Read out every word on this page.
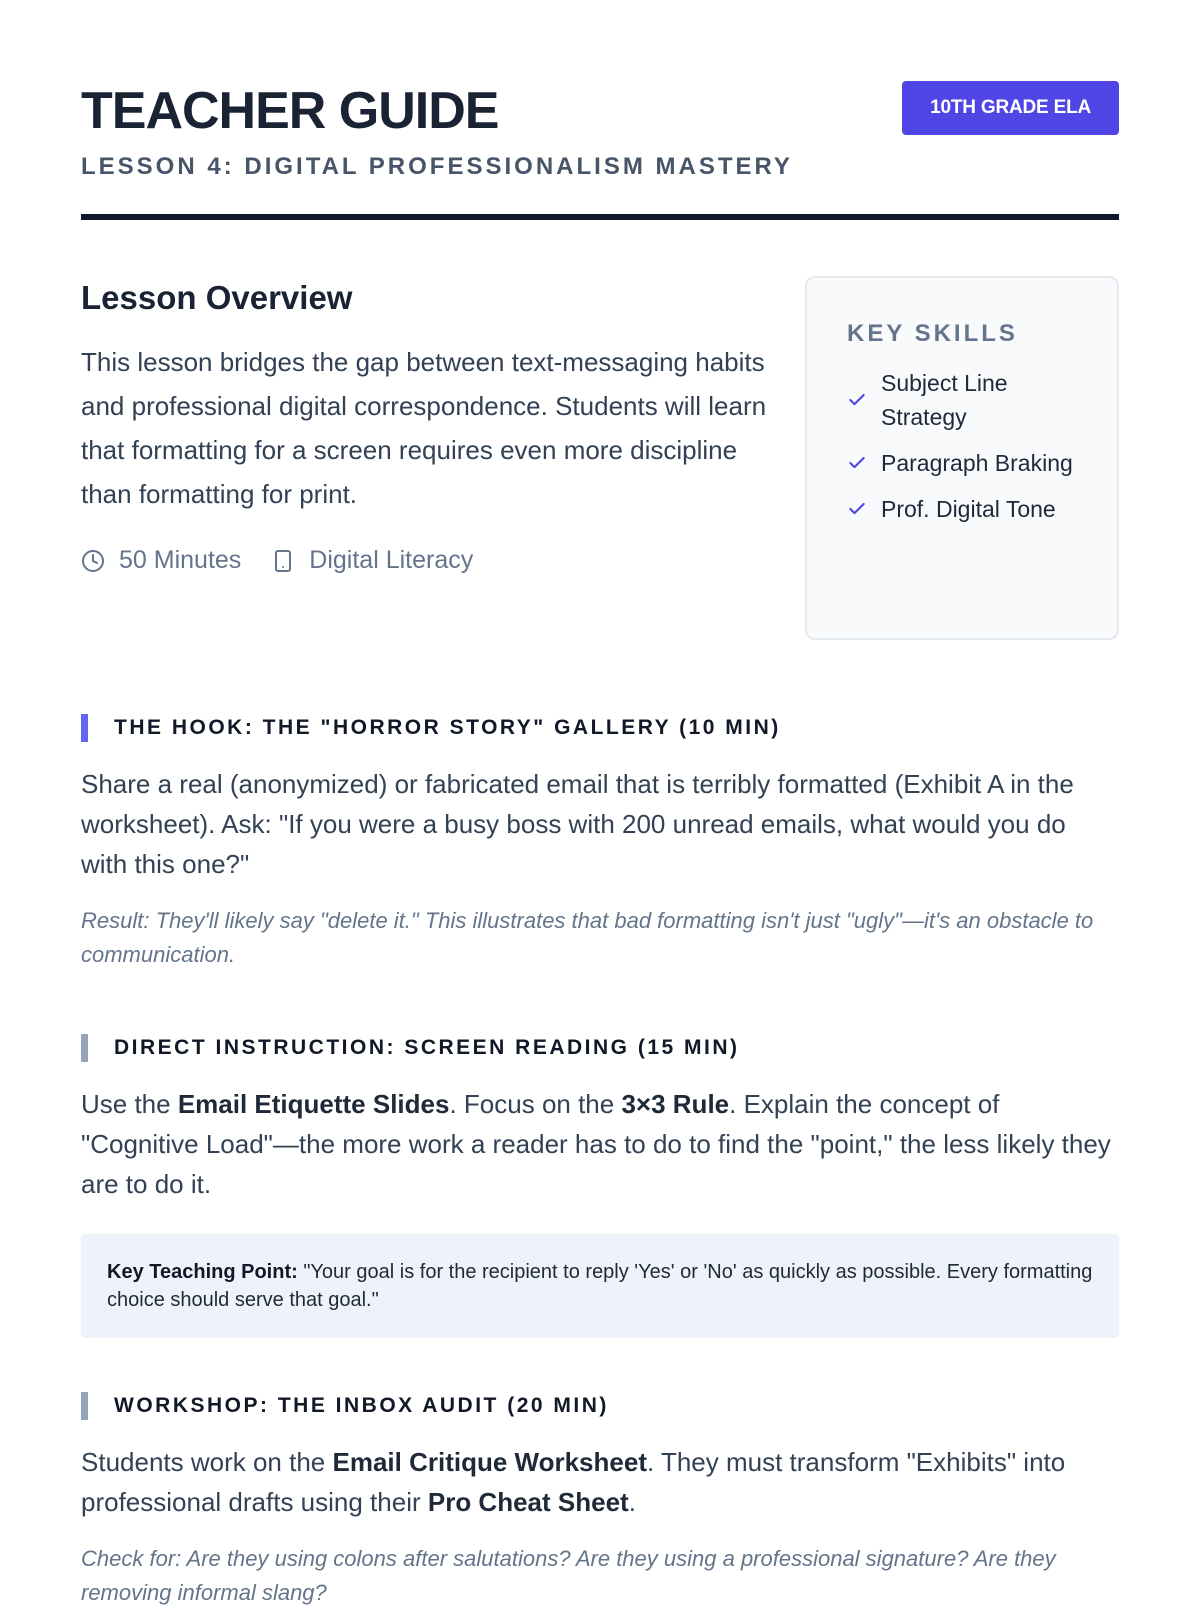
TEACHER GUIDE
LESSON 4: DIGITAL PROFESSIONALISM MASTERY
10TH GRADE ELA
Lesson Overview

This lesson bridges the gap between text-messaging habits and professional digital correspondence. Students will learn that formatting for a screen requires even more discipline than formatting for print.

50 Minutes	Digital Literacy
KEY SKILLS
Subject Line Strategy
Paragraph Braking
Prof. Digital Tone
THE HOOK: THE "HORROR STORY" GALLERY (10 MIN)

Share a real (anonymized) or fabricated email that is terribly formatted (Exhibit A in the worksheet). Ask: "If you were a busy boss with 200 unread emails, what would you do with this one?"

Result: They'll likely say "delete it." This illustrates that bad formatting isn't just "ugly"—it's an obstacle to communication.
DIRECT INSTRUCTION: SCREEN READING (15 MIN)

Use the Email Etiquette Slides. Focus on the 3×3 Rule. Explain the concept of "Cognitive Load"—the more work a reader has to do to find the "point," the less likely they are to do it.

Key Teaching Point: "Your goal is for the recipient to reply 'Yes' or 'No' as quickly as possible. Every formatting choice should serve that goal."
WORKSHOP: THE INBOX AUDIT (20 MIN)

Students work on the Email Critique Worksheet. They must transform "Exhibits" into professional drafts using their Pro Cheat Sheet.

Check for: Are they using colons after salutations? Are they using a professional signature? Are they removing informal slang?
